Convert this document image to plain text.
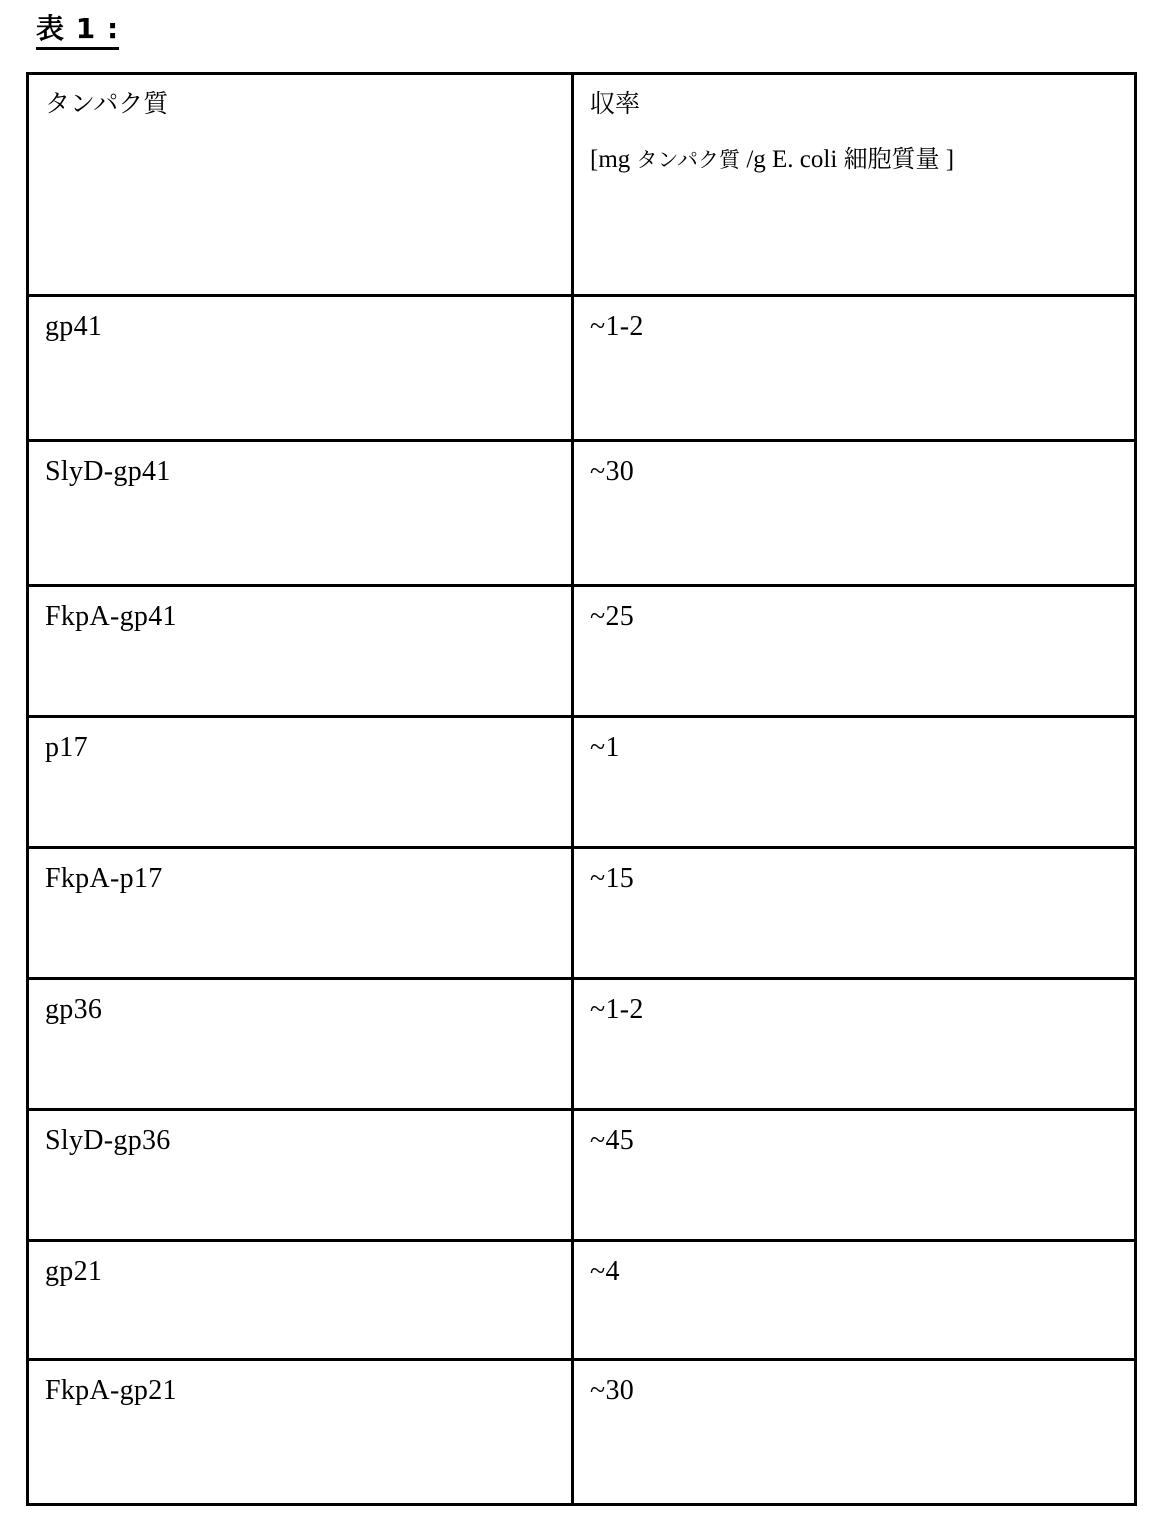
表 1 :
タンパク質	収率
[mg タンパク質 /g E. coli 細胞質量 ]

gp41	~1-2
SlyD-gp41	~30
FkpA-gp41	~25
p17	~1
FkpA-p17	~15
gp36	~1-2
SlyD-gp36	~45
gp21	~4
FkpA-gp21	~30
